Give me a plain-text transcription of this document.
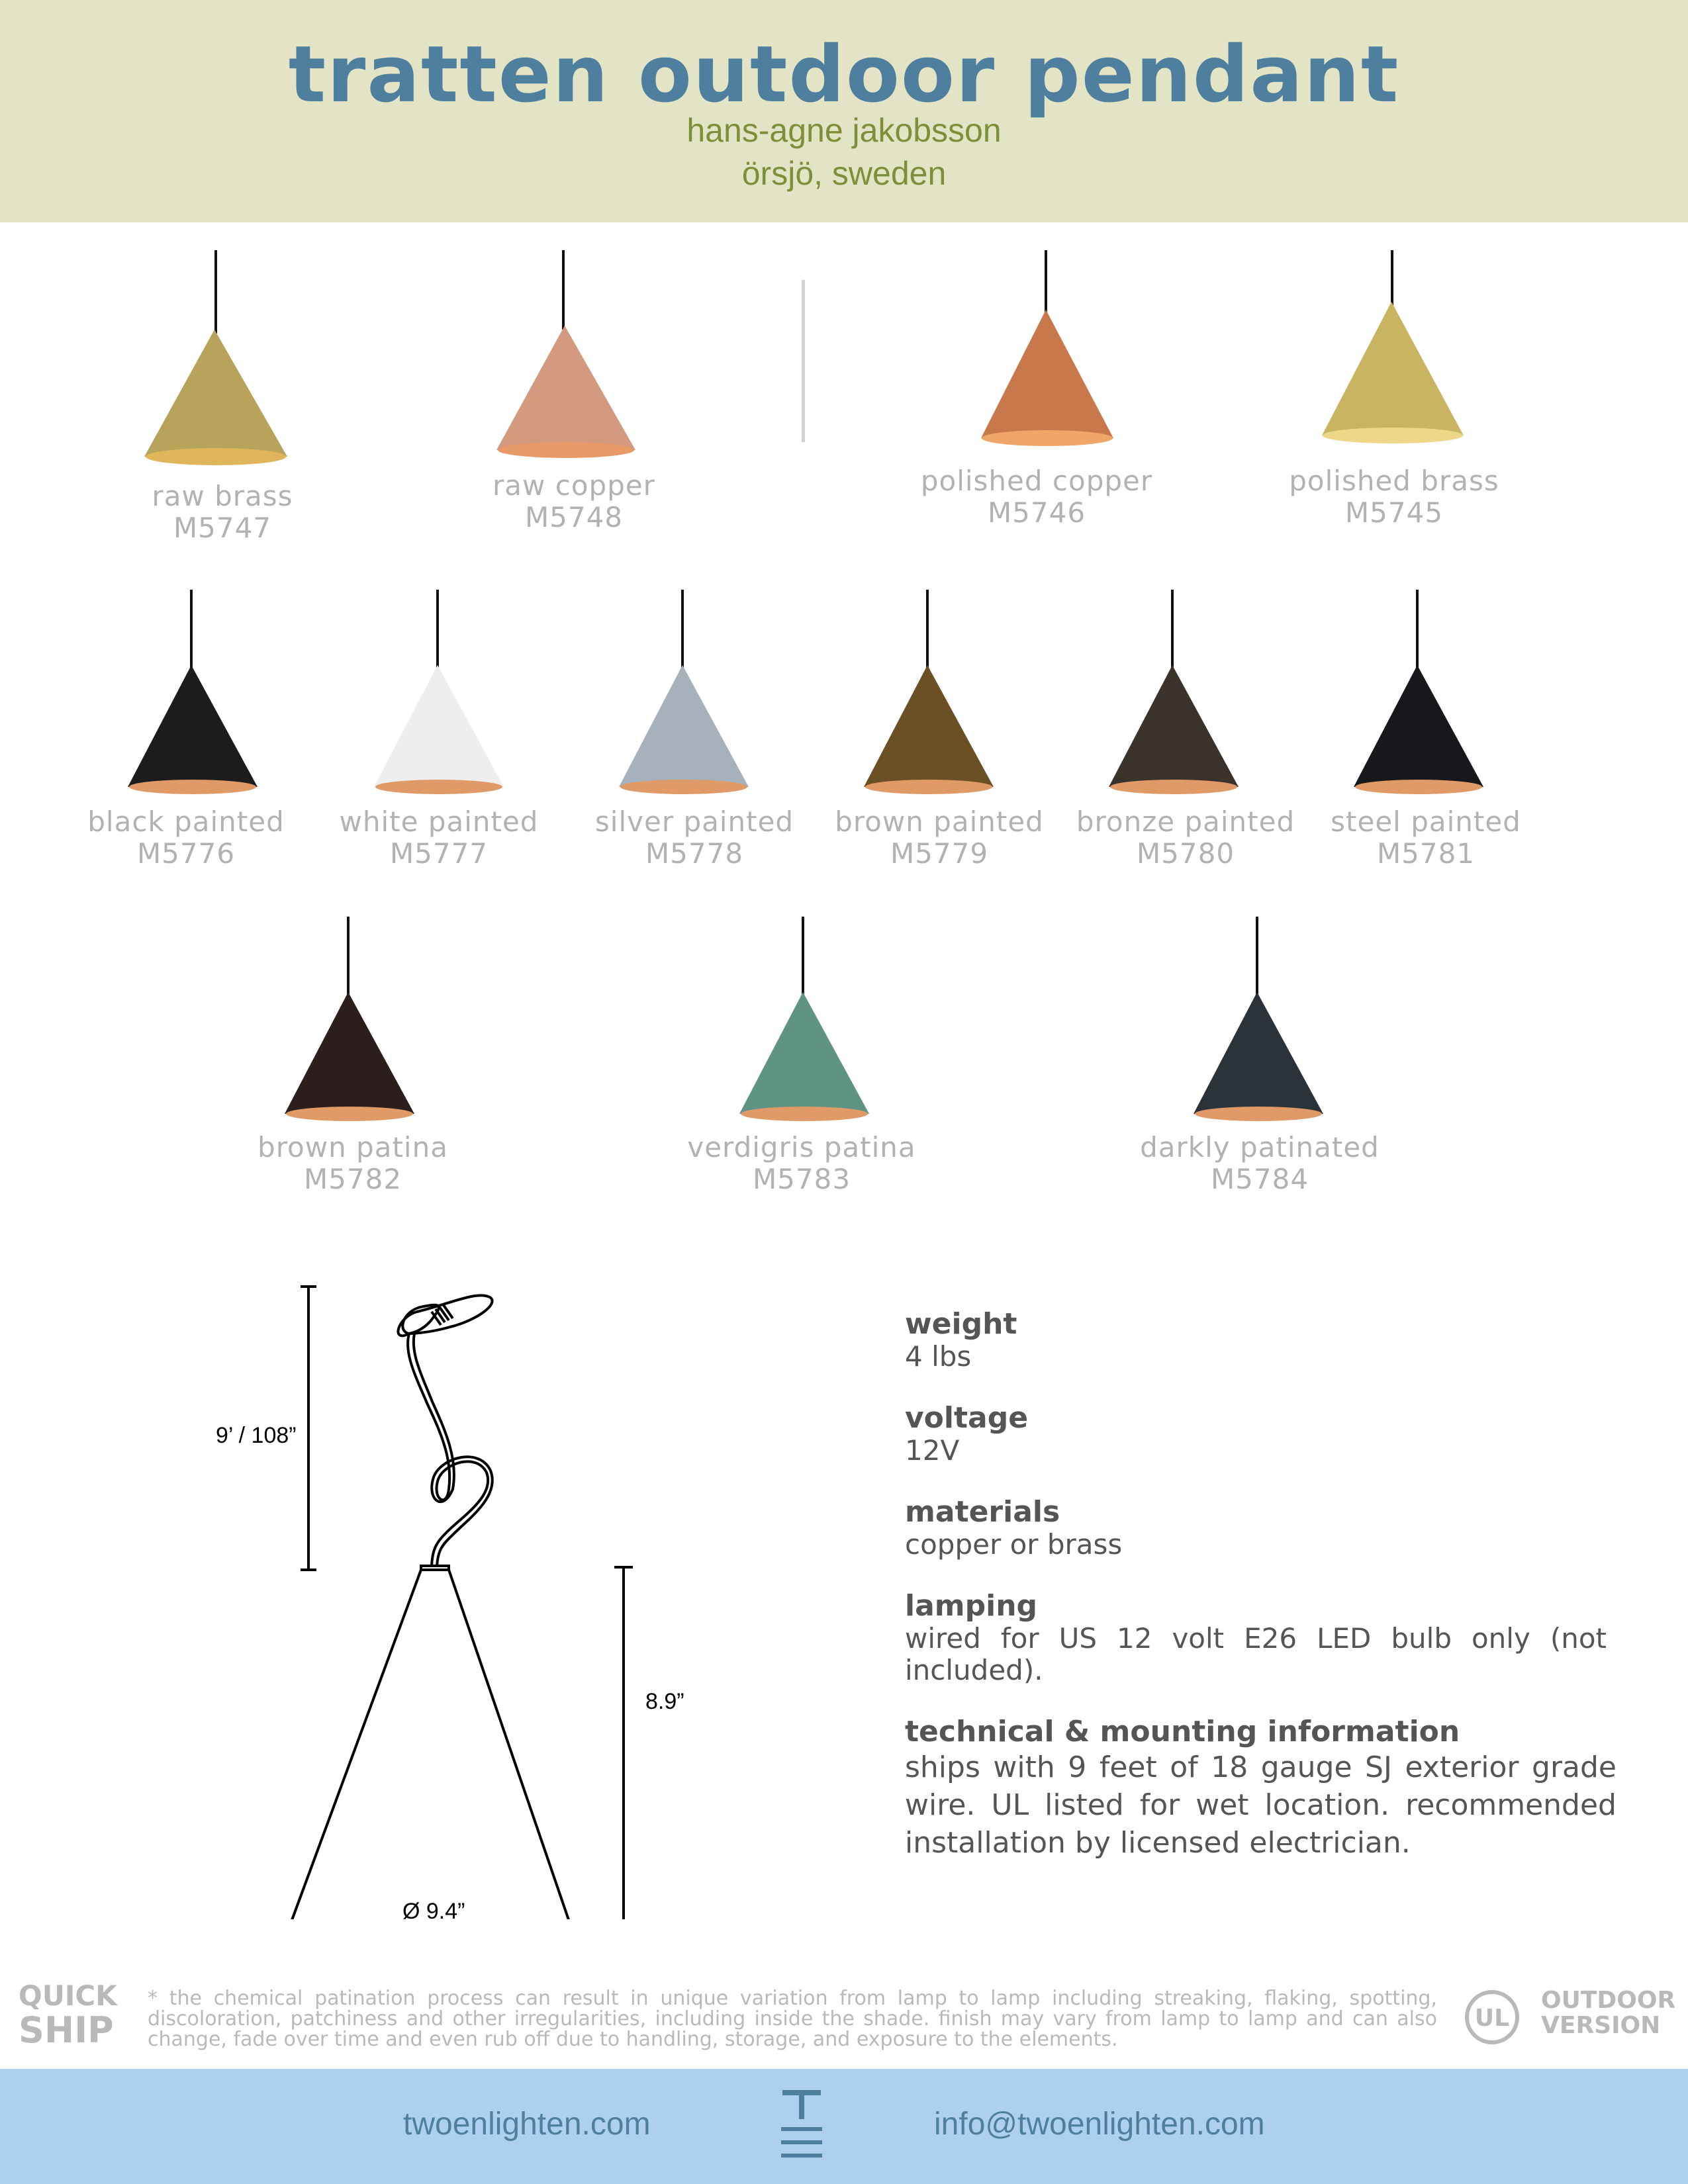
tratten outdoor pendant
hans-agne jakobsson
örsjö, sweden
raw brass
M5747
raw copper
M5748
polished copper
M5746
polished brass
M5745
black painted
M5776
white painted
M5777
silver painted
M5778
brown painted
M5779
bronze painted
M5780
steel painted
M5781
brown patina
M5782
verdigris patina
M5783
darkly patinated
M5784
9’ / 108”
8.9”
Ø 9.4”
weight
4 lbs
voltage
12V
materials
copper or brass
lamping
wired for US 12 volt E26 LED bulb only (not included).
technical & mounting information
ships with 9 feet of 18 gauge SJ exterior grade wire. UL listed for wet location. recommended installation by licensed electrician.
QUICK
SHIP
* the chemical patination process can result in unique variation from lamp to lamp including streaking, flaking, spotting, discoloration, patchiness and other irregularities, including inside the shade. finish may vary from lamp to lamp and can also change, fade over time and even rub off due to handling, storage, and exposure to the elements.
UL
OUTDOOR
VERSION
twoenlighten.com	info@twoenlighten.com
